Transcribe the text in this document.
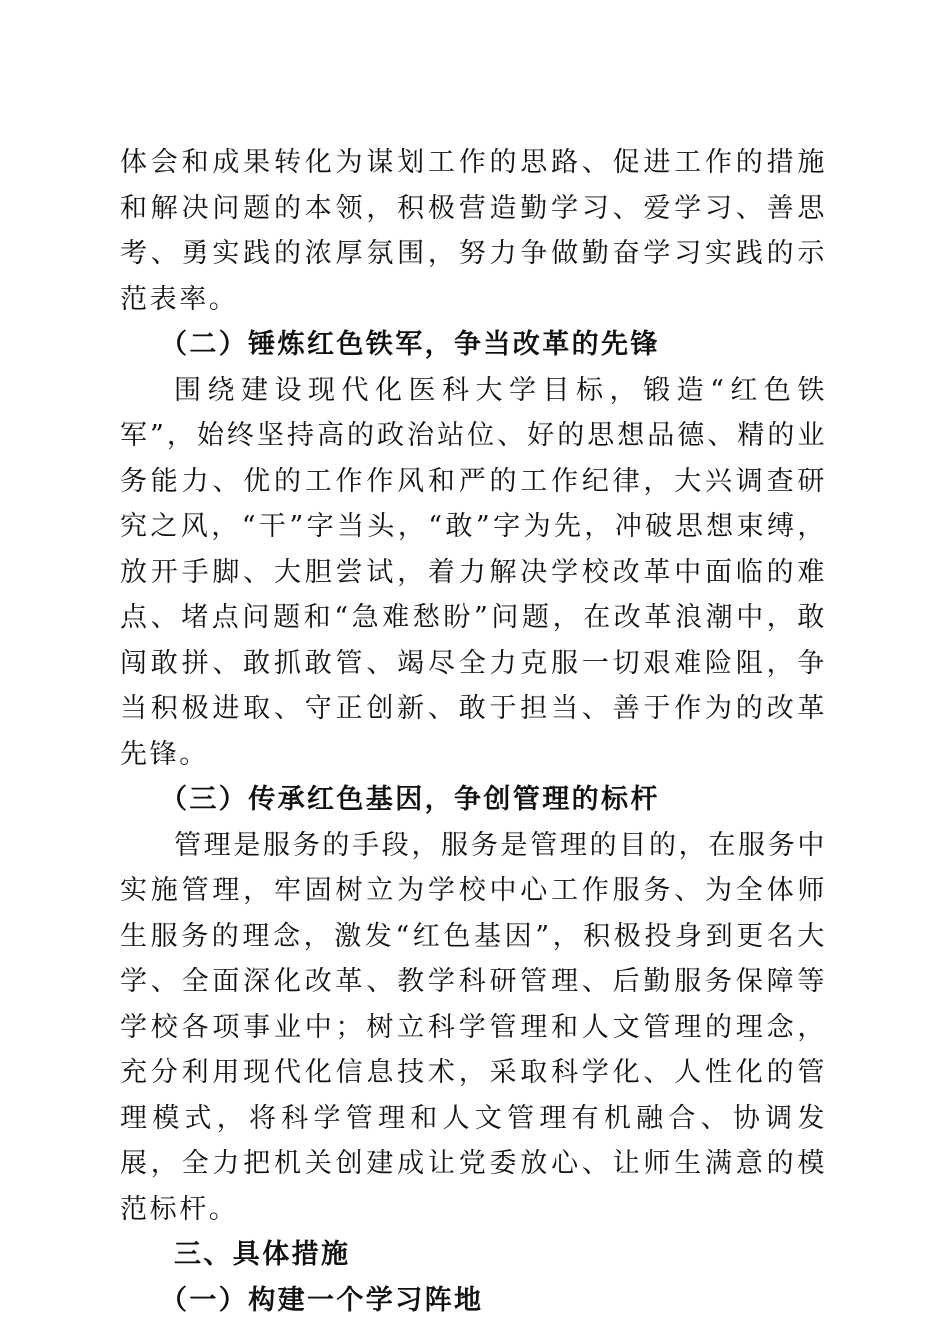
体会和成果转化为谋划工作的思路、促进工作的措施和解决问题的本领，积极营造勤学习、爱学习、善思考、勇实践的浓厚氛围，努力争做勤奋学习实践的示范表率。

（二）锤炼红色铁军，争当改革的先锋

围绕建设现代化医科大学目标，锻造“红色铁军”，始终坚持高的政治站位、好的思想品德、精的业务能力、优的工作作风和严的工作纪律，大兴调查研究之风，“干”字当头，“敢”字为先，冲破思想束缚，放开手脚、大胆尝试，着力解决学校改革中面临的难点、堵点问题和“急难愁盼”问题，在改革浪潮中，敢闯敢拼、敢抓敢管、竭尽全力克服一切艰难险阻，争当积极进取、守正创新、敢于担当、善于作为的改革先锋。

（三）传承红色基因，争创管理的标杆

管理是服务的手段，服务是管理的目的，在服务中实施管理，牢固树立为学校中心工作服务、为全体师生服务的理念，激发“红色基因”，积极投身到更名大学、全面深化改革、教学科研管理、后勤服务保障等学校各项事业中；树立科学管理和人文管理的理念，充分利用现代化信息技术，采取科学化、人性化的管理模式，将科学管理和人文管理有机融合、协调发展，全力把机关创建成让党委放心、让师生满意的模范标杆。

三、具体措施

（一）构建一个学习阵地
